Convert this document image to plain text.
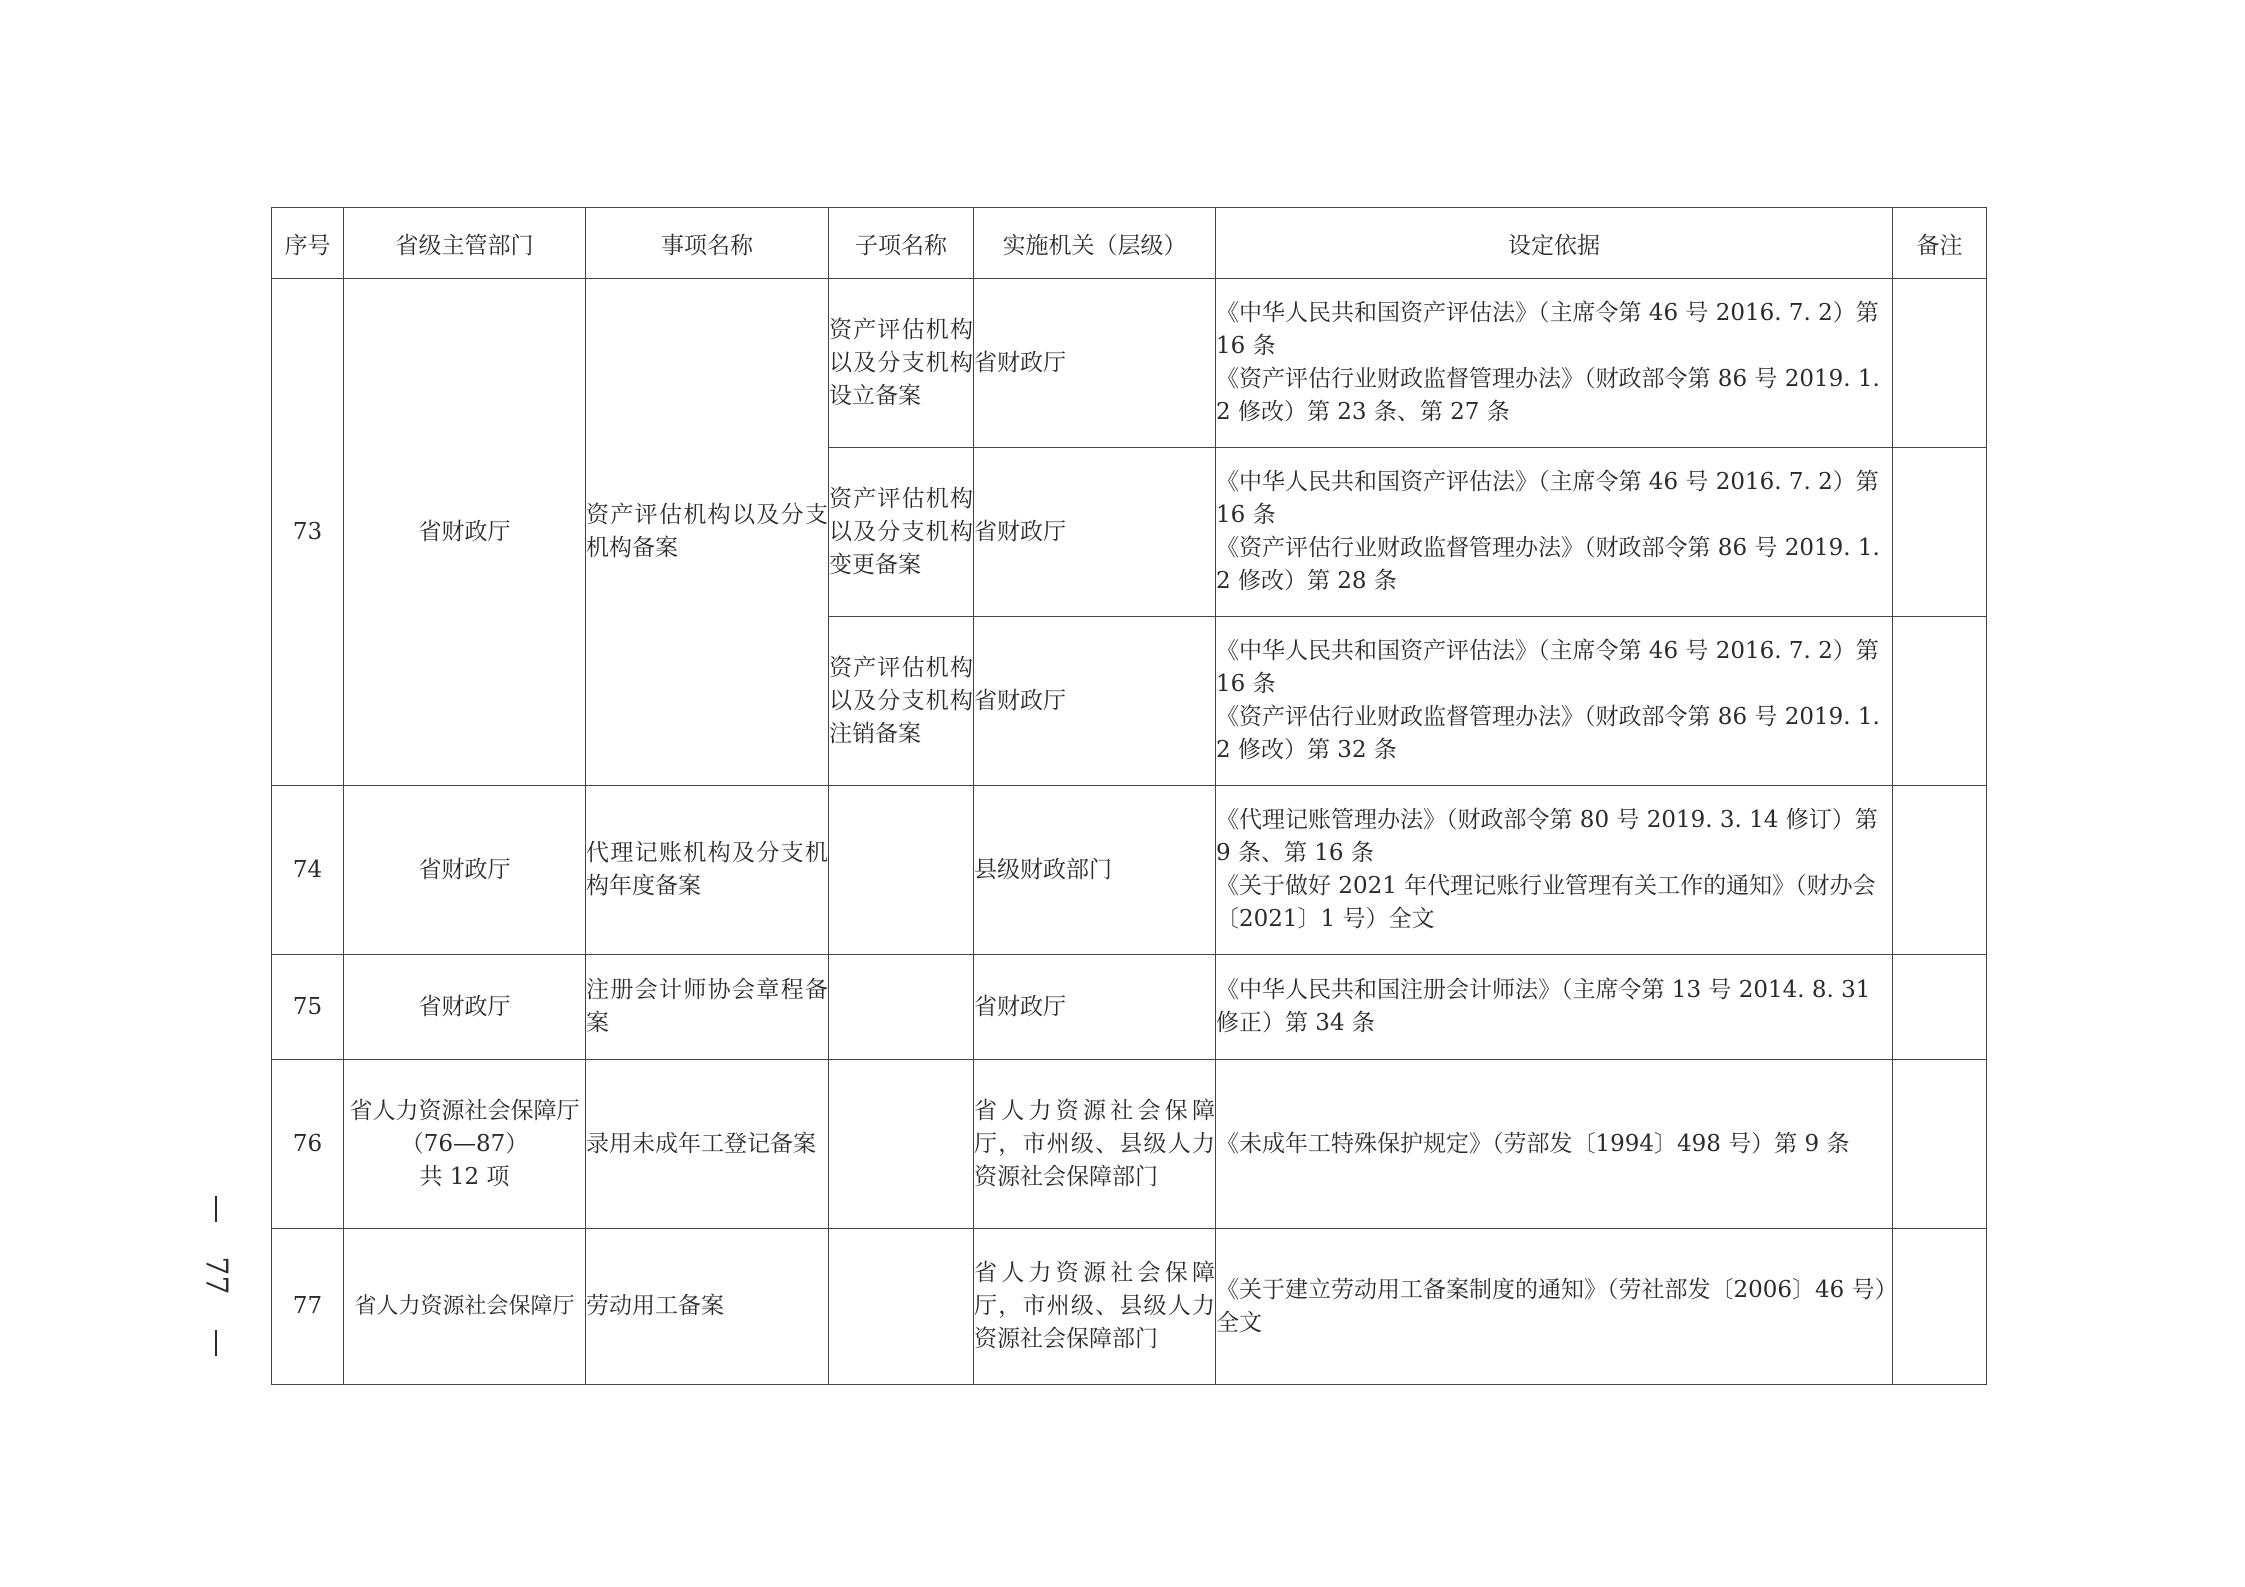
序号	省级主管部门	事项名称	子项名称	实施机关（层级）	设定依据	备注
73	省财政厅	资产评估机构以及分支机构备案	资产评估机构以及分支机构设立备案	省财政厅	《中华人民共和国资产评估法》（主席令第 46 号 2016. 7. 2）第 16 条
《资产评估行业财政监督管理办法》（财政部令第 86 号 2019. 1. 2 修改）第 23 条、第 27 条	

			资产评估机构以及分支机构变更备案	省财政厅	《中华人民共和国资产评估法》（主席令第 46 号 2016. 7. 2）第 16 条
《资产评估行业财政监督管理办法》（财政部令第 86 号 2019. 1. 2 修改）第 28 条	

			资产评估机构以及分支机构注销备案	省财政厅	《中华人民共和国资产评估法》（主席令第 46 号 2016. 7. 2）第 16 条
《资产评估行业财政监督管理办法》（财政部令第 86 号 2019. 1. 2 修改）第 32 条	

74	省财政厅	代理记账机构及分支机构年度备案		县级财政部门	《代理记账管理办法》（财政部令第 80 号 2019. 3. 14 修订）第 9 条、第 16 条
《关于做好 2021 年代理记账行业管理有关工作的通知》（财办会〔2021〕1 号）全文	

75	省财政厅	注册会计师协会章程备案		省财政厅	《中华人民共和国注册会计师法》（主席令第 13 号 2014. 8. 31 修正）第 34 条	

76	省人力资源社会保障厅
（76—87）
共 12 项	录用未成年工登记备案		省人力资源社会保障厅，市州级、县级人力资源社会保障部门	《未成年工特殊保护规定》（劳部发〔1994〕498 号）第 9 条	

77	省人力资源社会保障厅	劳动用工备案		省人力资源社会保障厅，市州级、县级人力资源社会保障部门	《关于建立劳动用工备案制度的通知》（劳社部发〔2006〕46 号）全文	

77
